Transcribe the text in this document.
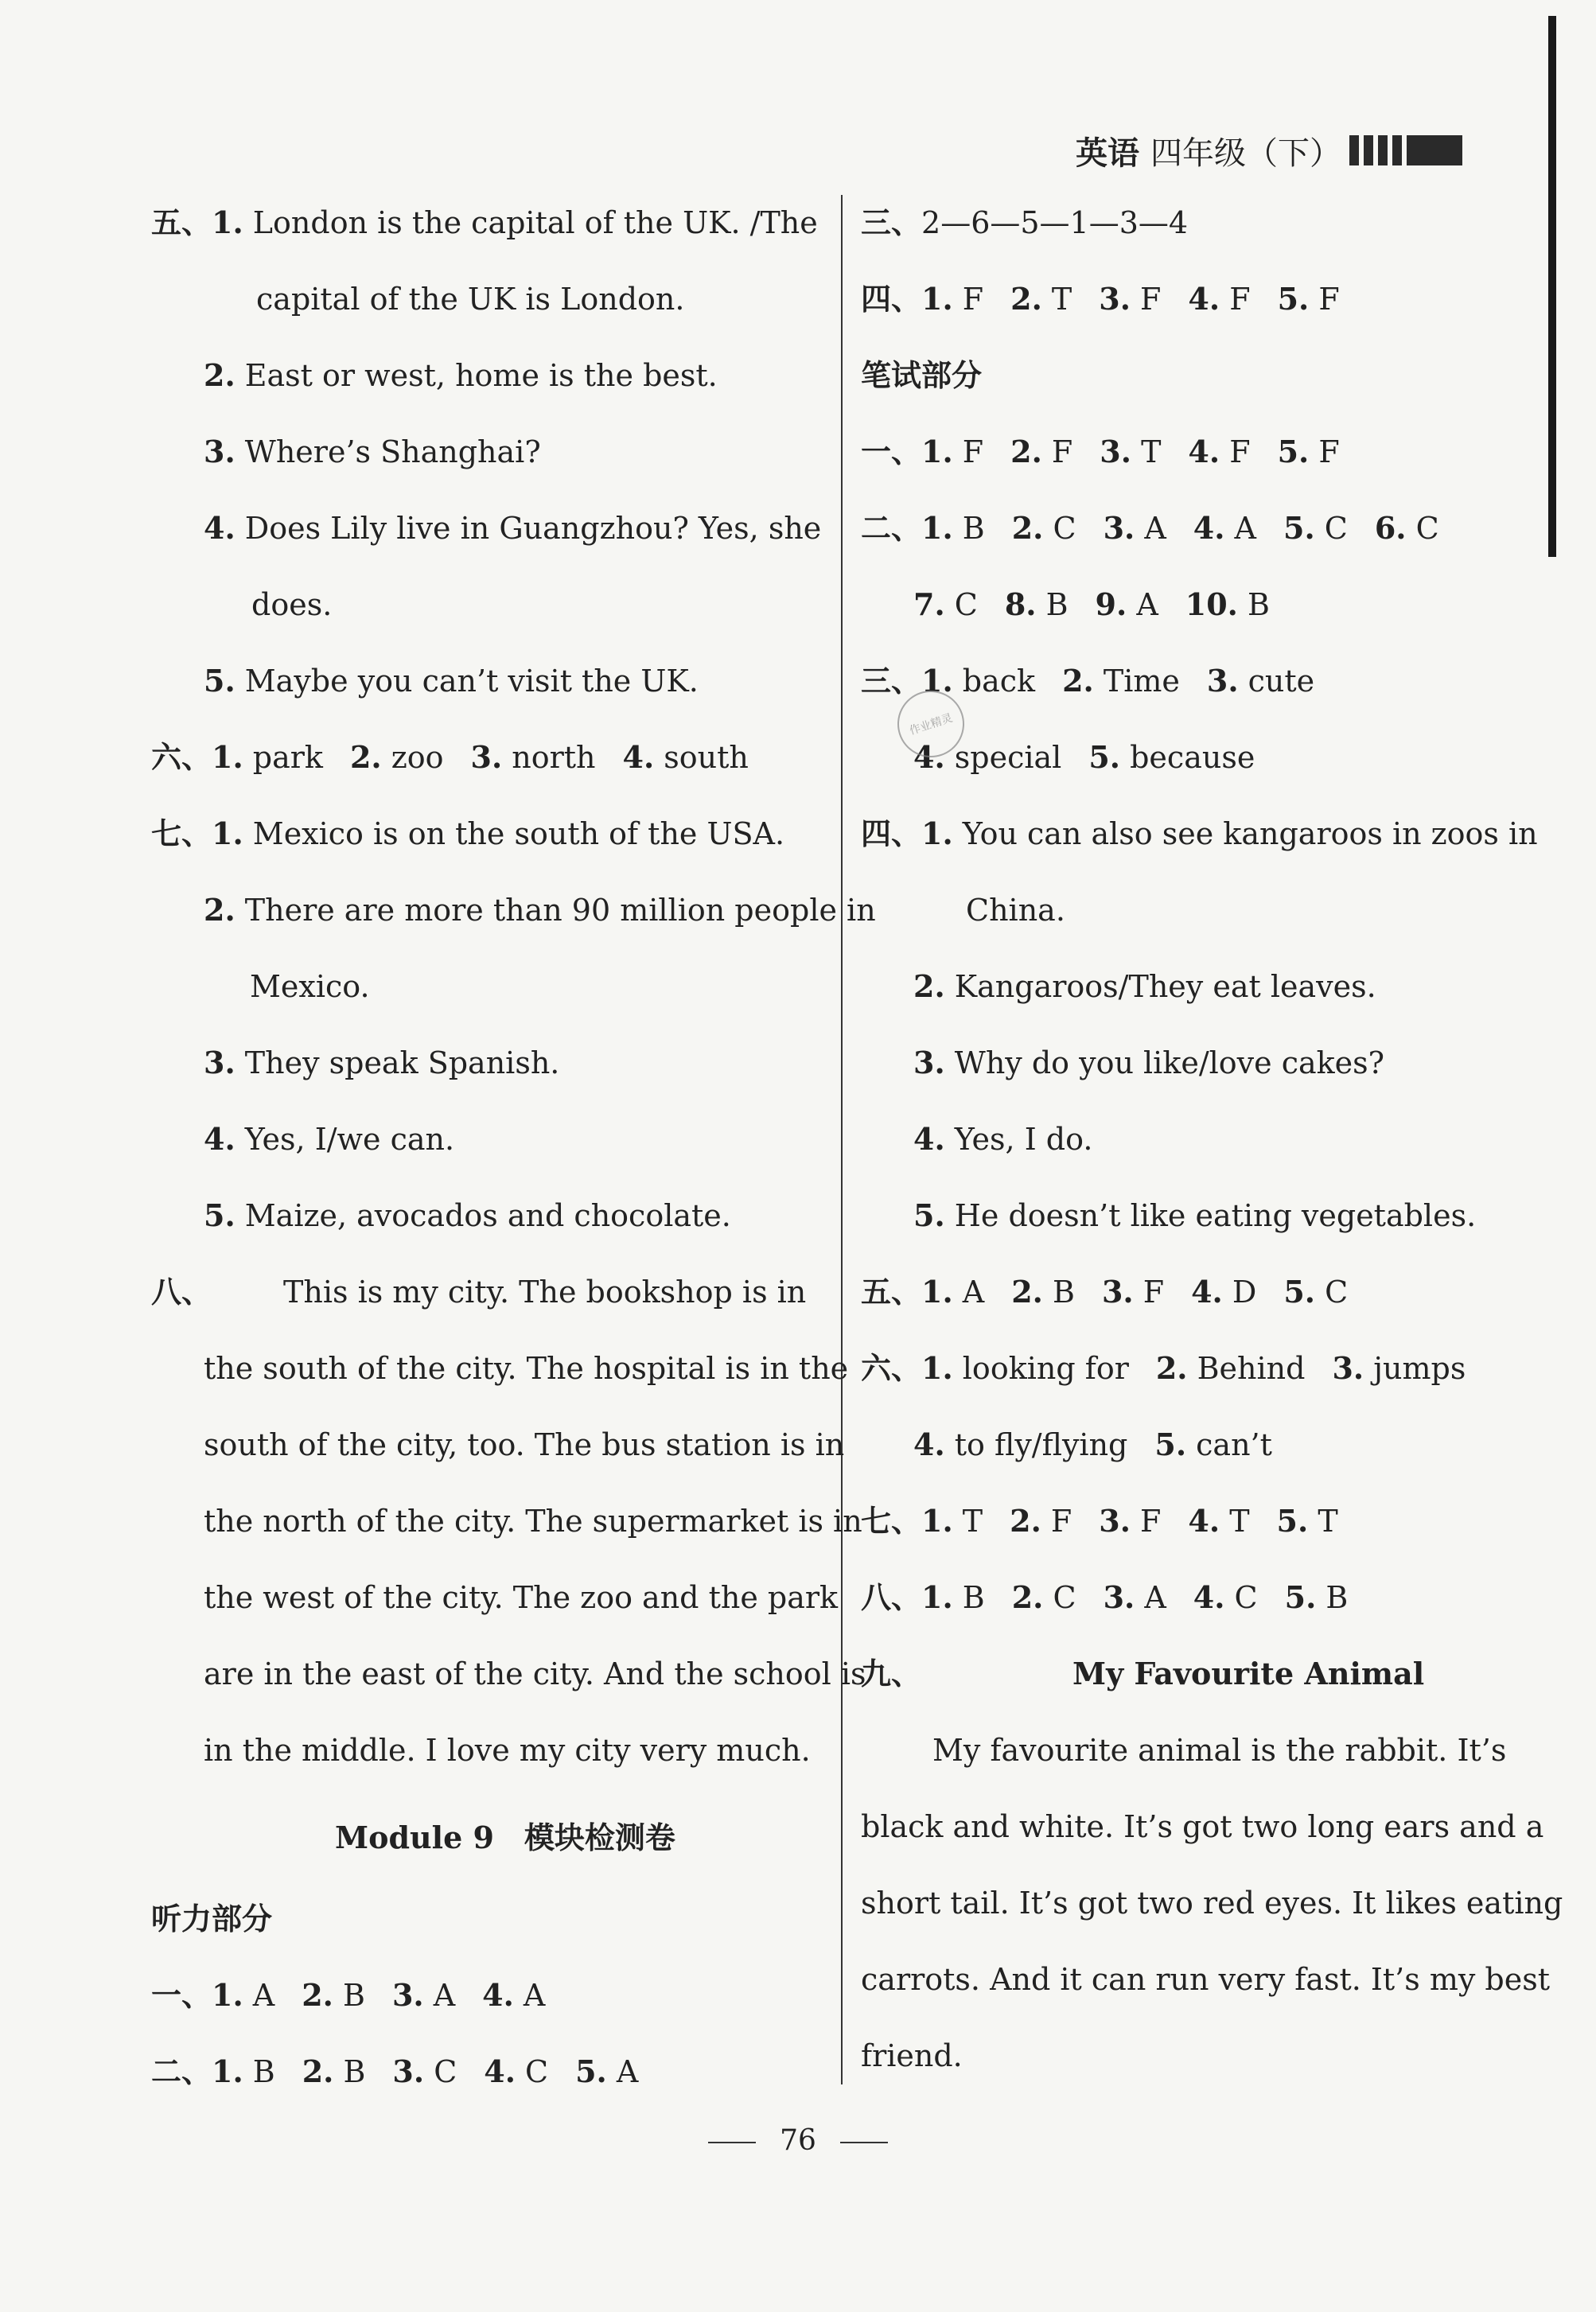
英语 四年级（下）
五、1. London is the capital of the UK. /The
capital of the UK is London.
2. East or west, home is the best.
3. Where’s Shanghai?
4. Does Lily live in Guangzhou? Yes, she
does.
5. Maybe you can’t visit the UK.
六、1. park 2. zoo 3. north 4. south
七、1. Mexico is on the south of the USA.
2. There are more than 90 million people in
Mexico.
3. They speak Spanish.
4. Yes, I/we can.
5. Maize, avocados and chocolate.
八、 This is my city. The bookshop is in
the south of the city. The hospital is in the
south of the city, too. The bus station is in
the north of the city. The supermarket is in
the west of the city. The zoo and the park
are in the east of the city. And the school is
in the middle. I love my city very much.
Module 9　模块检测卷
听力部分
一、1. A 2. B 3. A 4. A
二、1. B 2. B 3. C 4. C 5. A
三、2—6—5—1—3—4
四、1. F 2. T 3. F 4. F 5. F
笔试部分
一、1. F 2. F 3. T 4. F 5. F
二、1. B 2. C 3. A 4. A 5. C 6. C
7. C 8. B 9. A 10. B
三、1. back 2. Time 3. cute
4. special 5. because
四、1. You can also see kangaroos in zoos in
China.
2. Kangaroos/They eat leaves.
3. Why do you like/love cakes?
4. Yes, I do.
5. He doesn’t like eating vegetables.
五、1. A 2. B 3. F 4. D 5. C
六、1. looking for 2. Behind 3. jumps
4. to fly/flying 5. can’t
七、1. T 2. F 3. F 4. T 5. T
八、1. B 2. C 3. A 4. C 5. B
九、	My Favourite Animal
My favourite animal is the rabbit. It’s
black and white. It’s got two long ears and a
short tail. It’s got two red eyes. It likes eating
carrots. And it can run very fast. It’s my best
friend.
作业精灵
76
